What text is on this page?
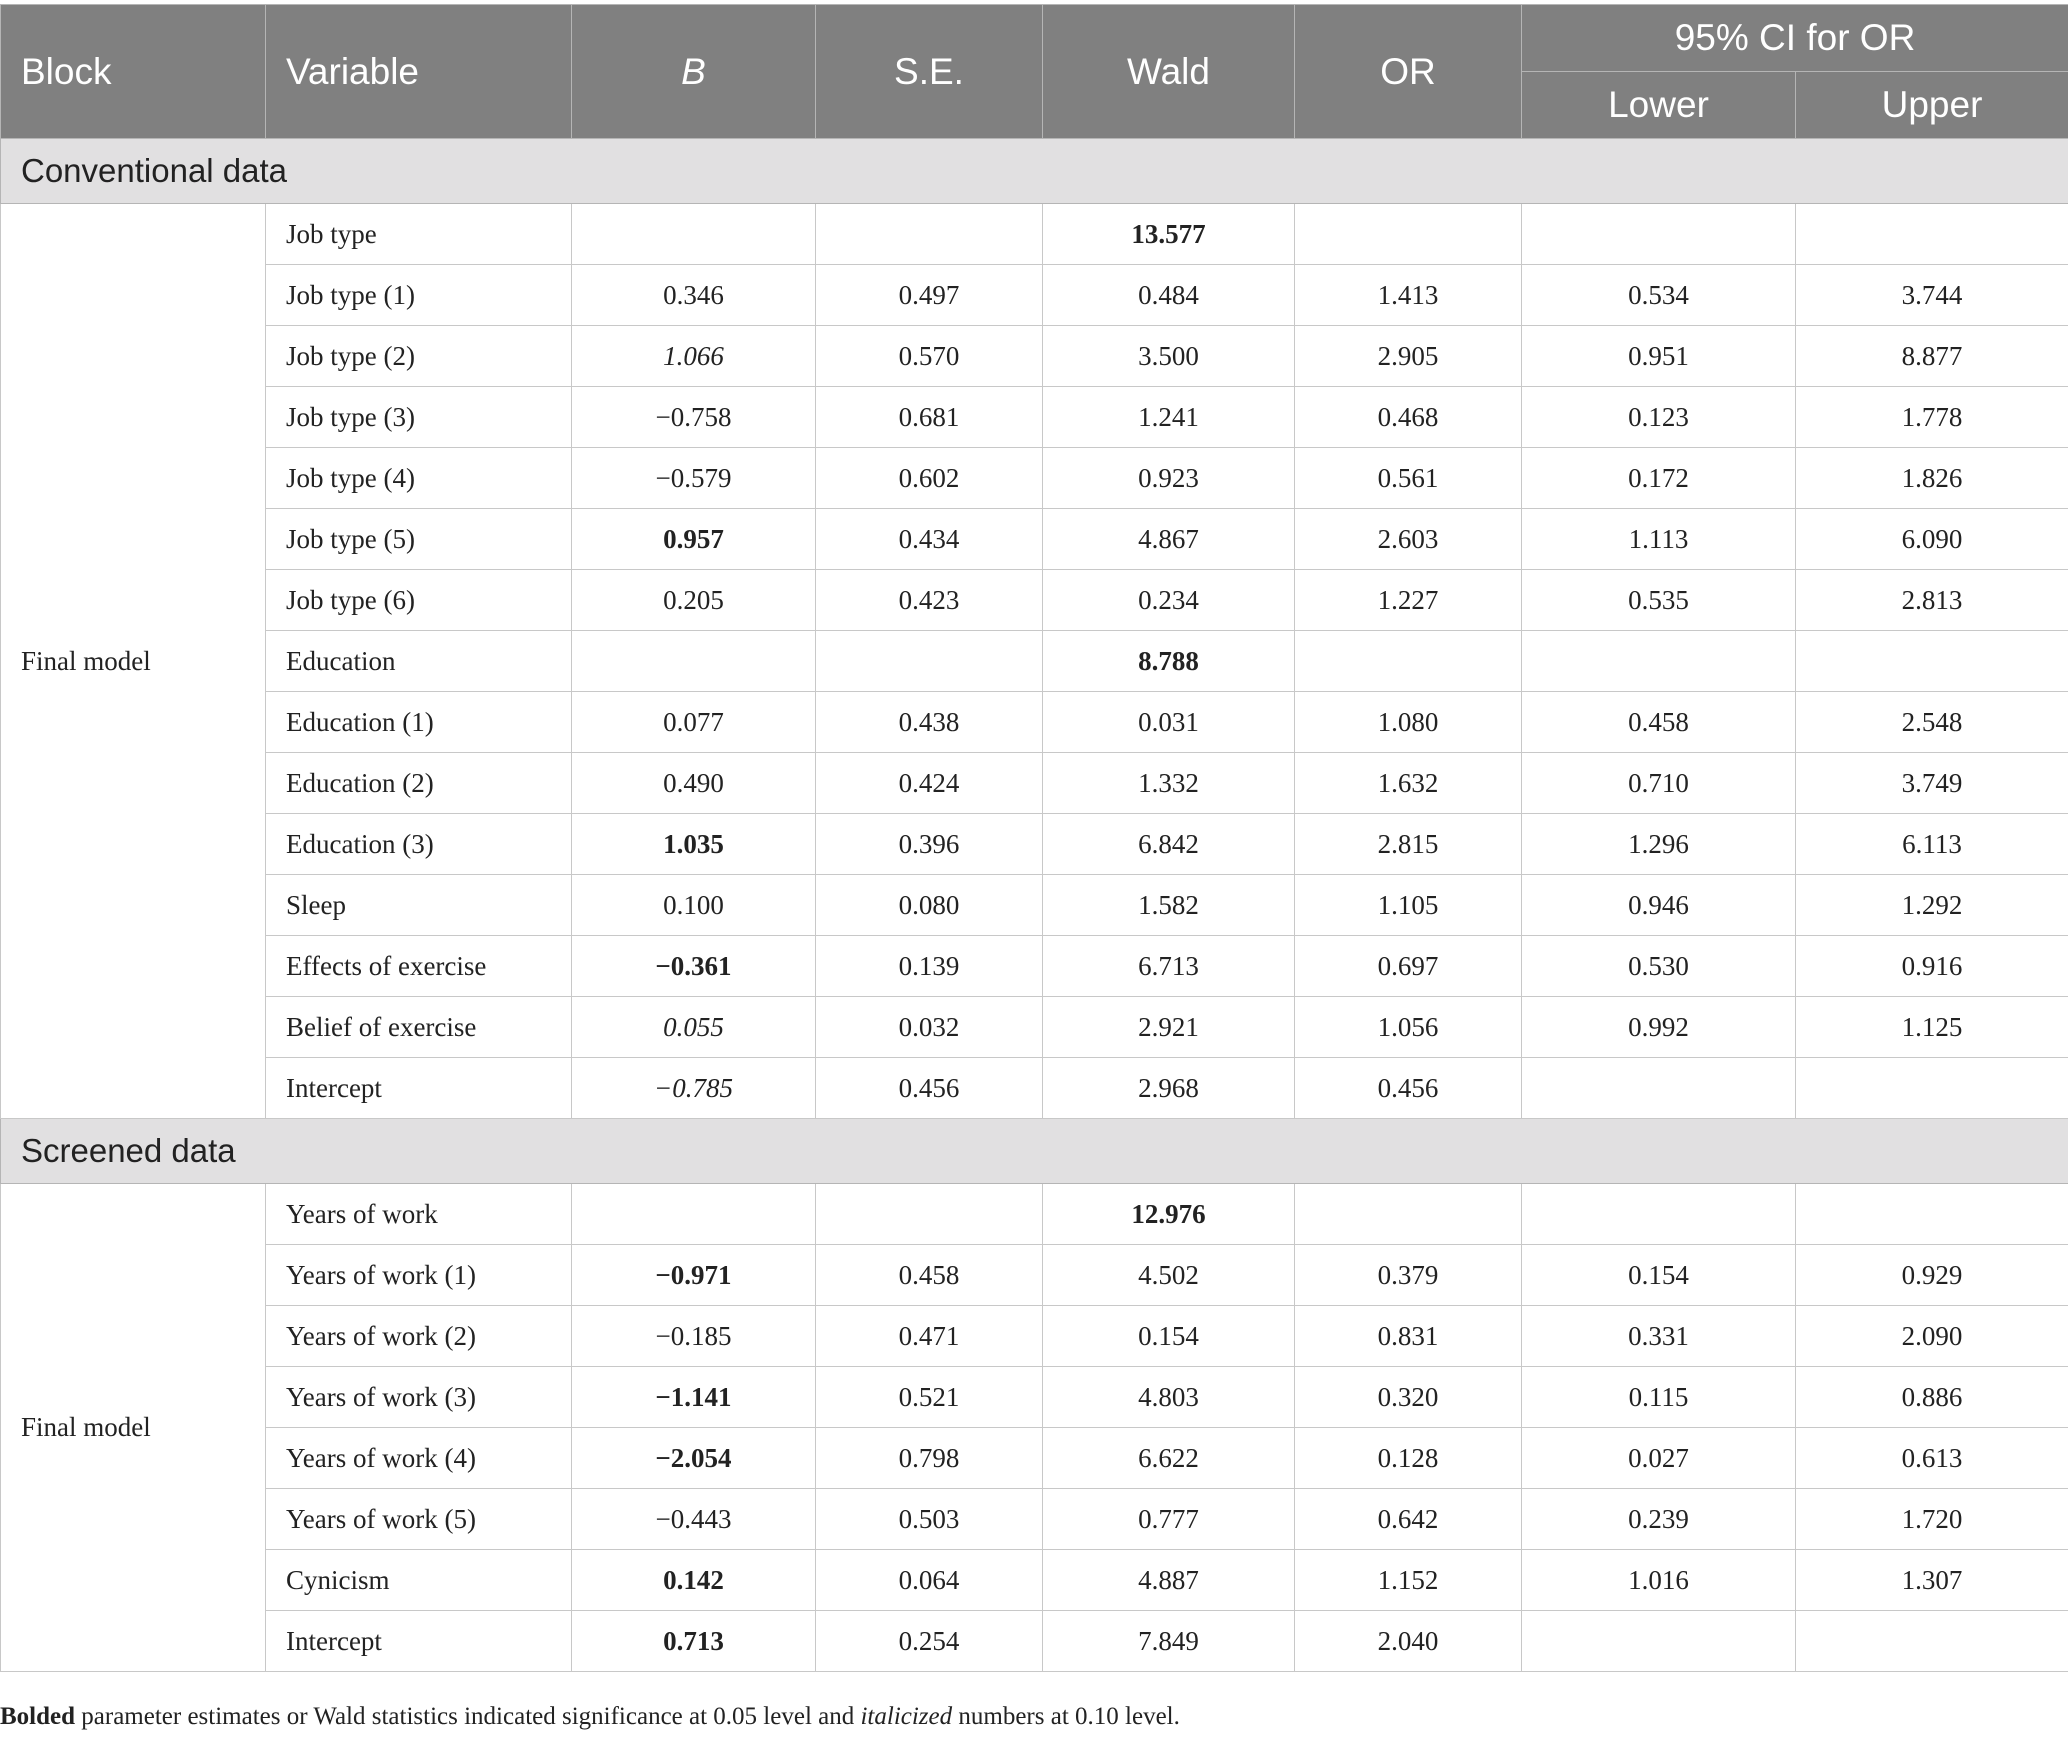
Block	Variable	B	S.E.	Wald	OR	95% CI for OR	
						Lower	Upper
Conventional data							
Final model	Job type			13.577			
	Job type (1)	0.346	0.497	0.484	1.413	0.534	3.744
	Job type (2)	1.066	0.570	3.500	2.905	0.951	8.877
	Job type (3)	−0.758	0.681	1.241	0.468	0.123	1.778
	Job type (4)	−0.579	0.602	0.923	0.561	0.172	1.826
	Job type (5)	0.957	0.434	4.867	2.603	1.113	6.090
	Job type (6)	0.205	0.423	0.234	1.227	0.535	2.813
	Education			8.788			
	Education (1)	0.077	0.438	0.031	1.080	0.458	2.548
	Education (2)	0.490	0.424	1.332	1.632	0.710	3.749
	Education (3)	1.035	0.396	6.842	2.815	1.296	6.113
	Sleep	0.100	0.080	1.582	1.105	0.946	1.292
	Effects of exercise	−0.361	0.139	6.713	0.697	0.530	0.916
	Belief of exercise	0.055	0.032	2.921	1.056	0.992	1.125
	Intercept	−0.785	0.456	2.968	0.456		
Screened data							
Final model	Years of work			12.976			
	Years of work (1)	−0.971	0.458	4.502	0.379	0.154	0.929
	Years of work (2)	−0.185	0.471	0.154	0.831	0.331	2.090
	Years of work (3)	−1.141	0.521	4.803	0.320	0.115	0.886
	Years of work (4)	−2.054	0.798	6.622	0.128	0.027	0.613
	Years of work (5)	−0.443	0.503	0.777	0.642	0.239	1.720
	Cynicism	0.142	0.064	4.887	1.152	1.016	1.307
	Intercept	0.713	0.254	7.849	2.040		
Bolded parameter estimates or Wald statistics indicated significance at 0.05 level and italicized numbers at 0.10 level.
